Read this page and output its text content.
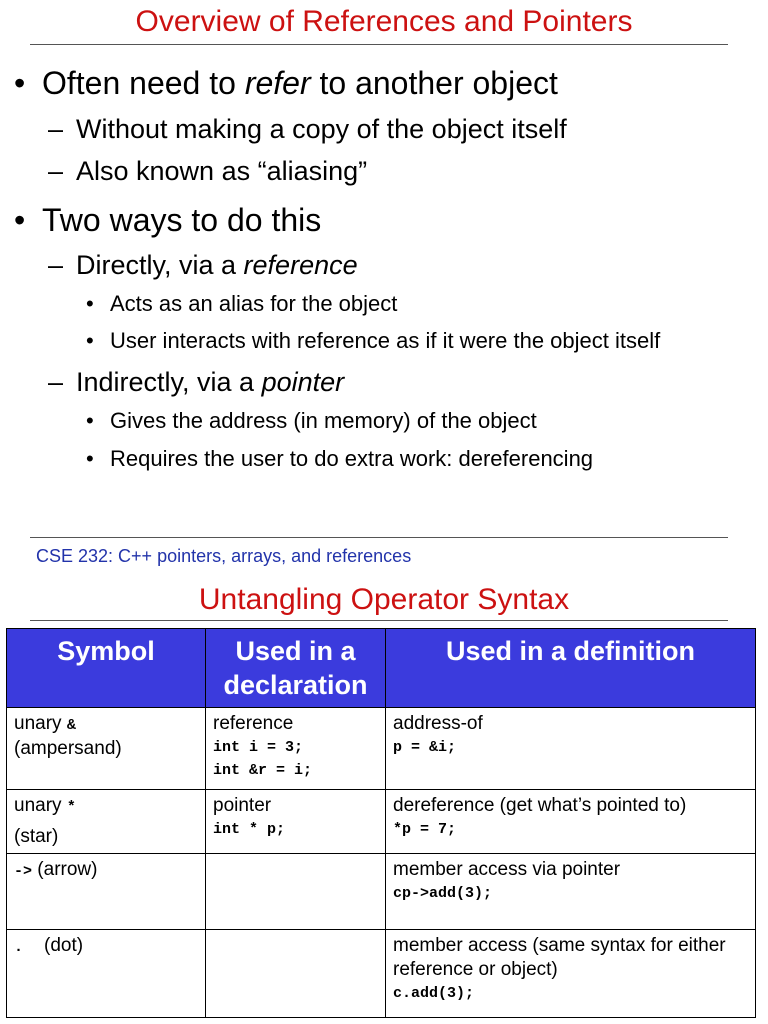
Overview of References and Pointers

• Often need to refer to another object

– Without making a copy of the object itself

– Also known as “aliasing”

• Two ways to do this

– Directly, via a reference

• Acts as an alias for the object

• User interacts with reference as if it were the object itself

– Indirectly, via a pointer

• Gives the address (in memory) of the object

• Requires the user to do extra work: dereferencing

CSE 232: C++ pointers, arrays, and references
Untangling Operator Syntax
Symbol	Used in a declaration	Used in a definition
unary &
(ampersand)	reference
int i = 3;
int &r = i;	address-of
p = &i;

unary *
(star)	pointer
int * p;	dereference (get what’s pointed to)
*p = 7;

-> (arrow)		member access via pointer
cp->add(3);

. (dot)		member access (same syntax for either reference or object)
c.add(3);
